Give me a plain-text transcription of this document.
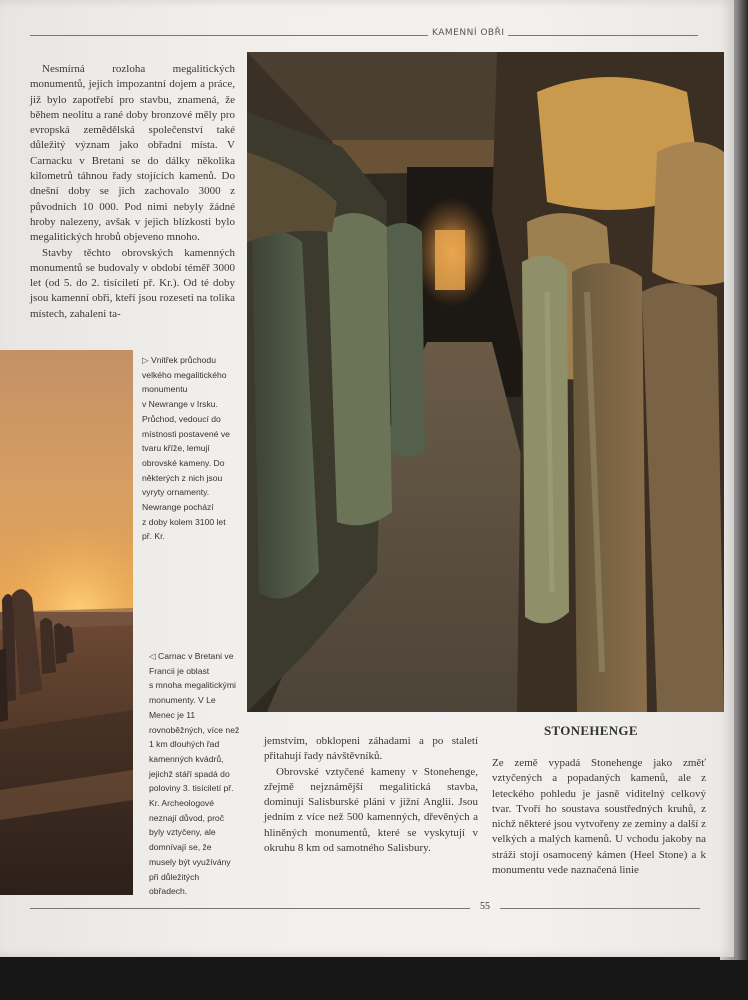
KAMENNÍ OBŘI

Nesmírná rozloha megalitických monumentů, jejich impozantní dojem a práce, již bylo zapotřebí pro stavbu, znamená, že během neolitu a rané doby bronzové měly pro evropská zemědělská společenství také důležitý význam jako obřadní místa. V Carnacku v Bretani se do dálky několika kilometrů táhnou řady stojících kamenů. Do dnešní doby se jich zachovalo 3000 z původních 10 000. Pod nimi nebyly žádné hroby nalezeny, avšak v jejich blízkosti bylo megalitických hrobů objeveno mnoho.

Stavby těchto obrovských kamenných monumentů se budovaly v období téměř 3000 let (od 5. do 2. tisíciletí př. Kr.). Od té doby jsou kamenní obři, kteří jsou rozeseti na tolika místech, zahaleni ta-

▷ Vnitřek průchodu
velkého megalitického
monumentu
v Newrange v Irsku.
Průchod, vedoucí do
místnosti postavené ve
tvaru kříže, lemují
obrovské kameny. Do
některých z nich jsou
vyryty ornamenty.
Newrange pochází
z doby kolem 3100 let
př. Kr.
◁ Carnac v Bretani ve
Francii je oblast
s mnoha megalitickými
monumenty. V Le
Menec je 11
rovnoběžných, více než
1 km dlouhých řad
kamenných kvádrů,
jejichž stáří spadá do
poloviny 3. tisíciletí př.
Kr. Archeologové
neznají důvod, proč
byly vztyčeny, ale
domnívají se, že
musely být využívány
při důležitých
obřadech.

jemstvím, obklopeni záhadami a po staletí přitahují řady návštěvníků.

Obrovské vztyčené kameny v Stonehenge, zřejmě nejznámější megalitická stavba, dominují Salisburské pláni v jižní Anglii. Jsou jedním z více než 500 kamenných, dřevěných a hliněných monumentů, které se vyskytují v okruhu 8 km od samotného Salisbury.

STONEHENGE

Ze země vypadá Stonehenge jako změť vztyčených a popadaných kamenů, ale z leteckého pohledu je jasně viditelný celkový tvar. Tvoří ho soustava soustředných kruhů, z nichž některé jsou vytvořeny ze zeminy a další z velkých a malých kamenů. U vchodu jakoby na stráži stojí osamocený kámen (Heel Stone) a k monumentu vede naznačená linie

55
